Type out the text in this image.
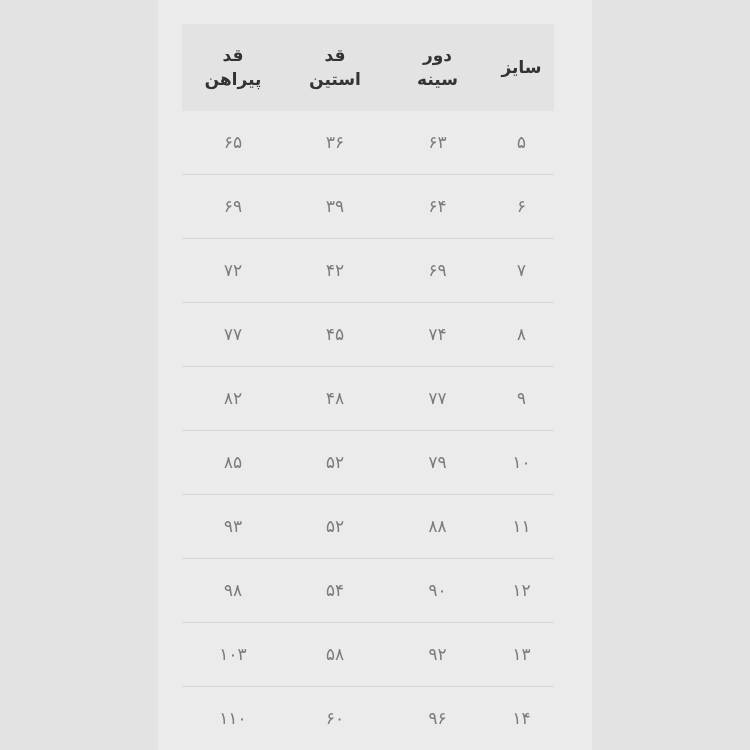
سایز
دور
سینه
قد
استین
قد
پیراهن
۵
۶۳
۳۶
۶۵
۶
۶۴
۳۹
۶۹
۷
۶۹
۴۲
۷۲
۸
۷۴
۴۵
۷۷
۹
۷۷
۴۸
۸۲
۱۰
۷۹
۵۲
۸۵
۱۱
۸۸
۵۲
۹۳
۱۲
۹۰
۵۴
۹۸
۱۳
۹۲
۵۸
۱۰۳
۱۴
۹۶
۶۰
۱۱۰
